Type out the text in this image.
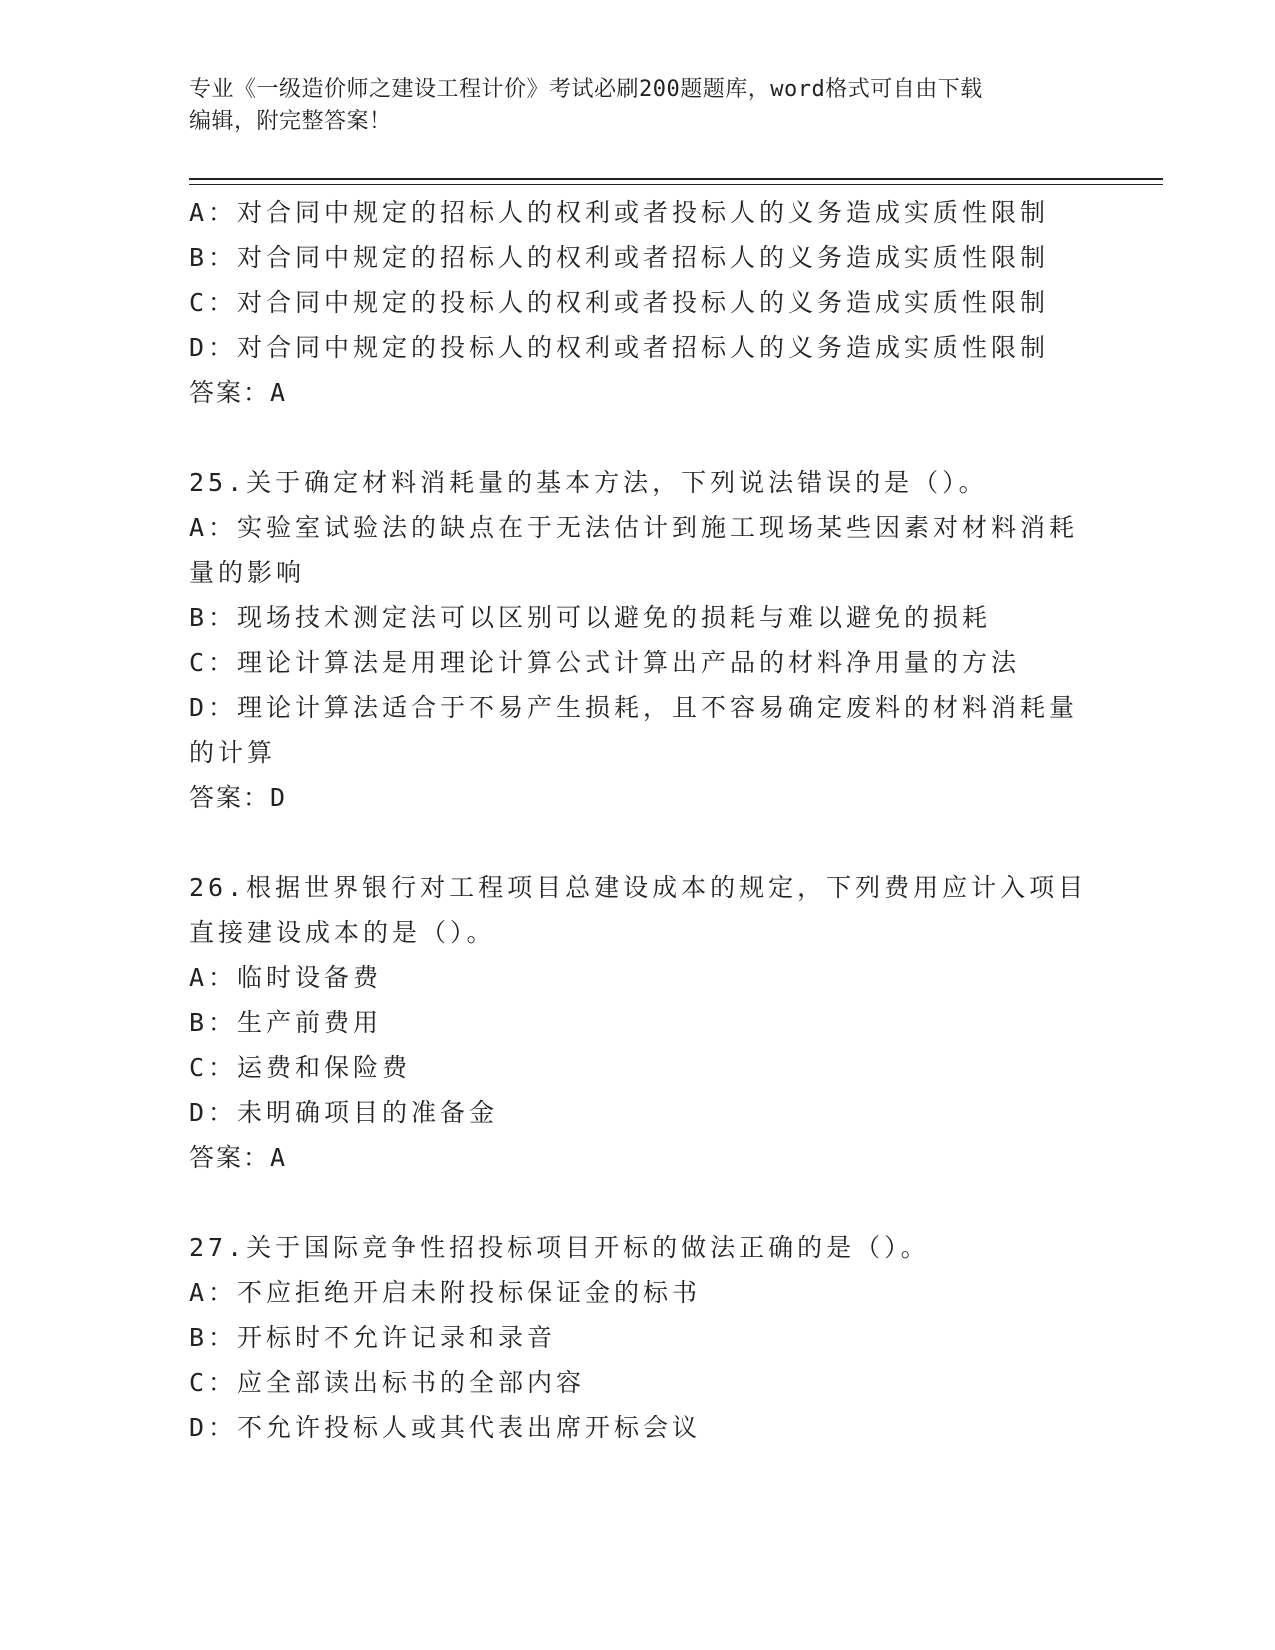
专业《一级造价师之建设工程计价》考试必刷200题题库，word格式可自由下载
编辑，附完整答案！
A：对合同中规定的招标人的权利或者投标人的义务造成实质性限制
B：对合同中规定的招标人的权利或者招标人的义务造成实质性限制
C：对合同中规定的投标人的权利或者投标人的义务造成实质性限制
D：对合同中规定的投标人的权利或者招标人的义务造成实质性限制
答案：A
25.关于确定材料消耗量的基本方法，下列说法错误的是（）。
A：实验室试验法的缺点在于无法估计到施工现场某些因素对材料消耗
量的影响
B：现场技术测定法可以区别可以避免的损耗与难以避免的损耗
C：理论计算法是用理论计算公式计算出产品的材料净用量的方法
D：理论计算法适合于不易产生损耗，且不容易确定废料的材料消耗量
的计算
答案：D
26.根据世界银行对工程项目总建设成本的规定，下列费用应计入项目
直接建设成本的是（）。
A：临时设备费
B：生产前费用
C：运费和保险费
D：未明确项目的准备金
答案：A
27.关于国际竞争性招投标项目开标的做法正确的是（）。
A：不应拒绝开启未附投标保证金的标书
B：开标时不允许记录和录音
C：应全部读出标书的全部内容
D：不允许投标人或其代表出席开标会议
